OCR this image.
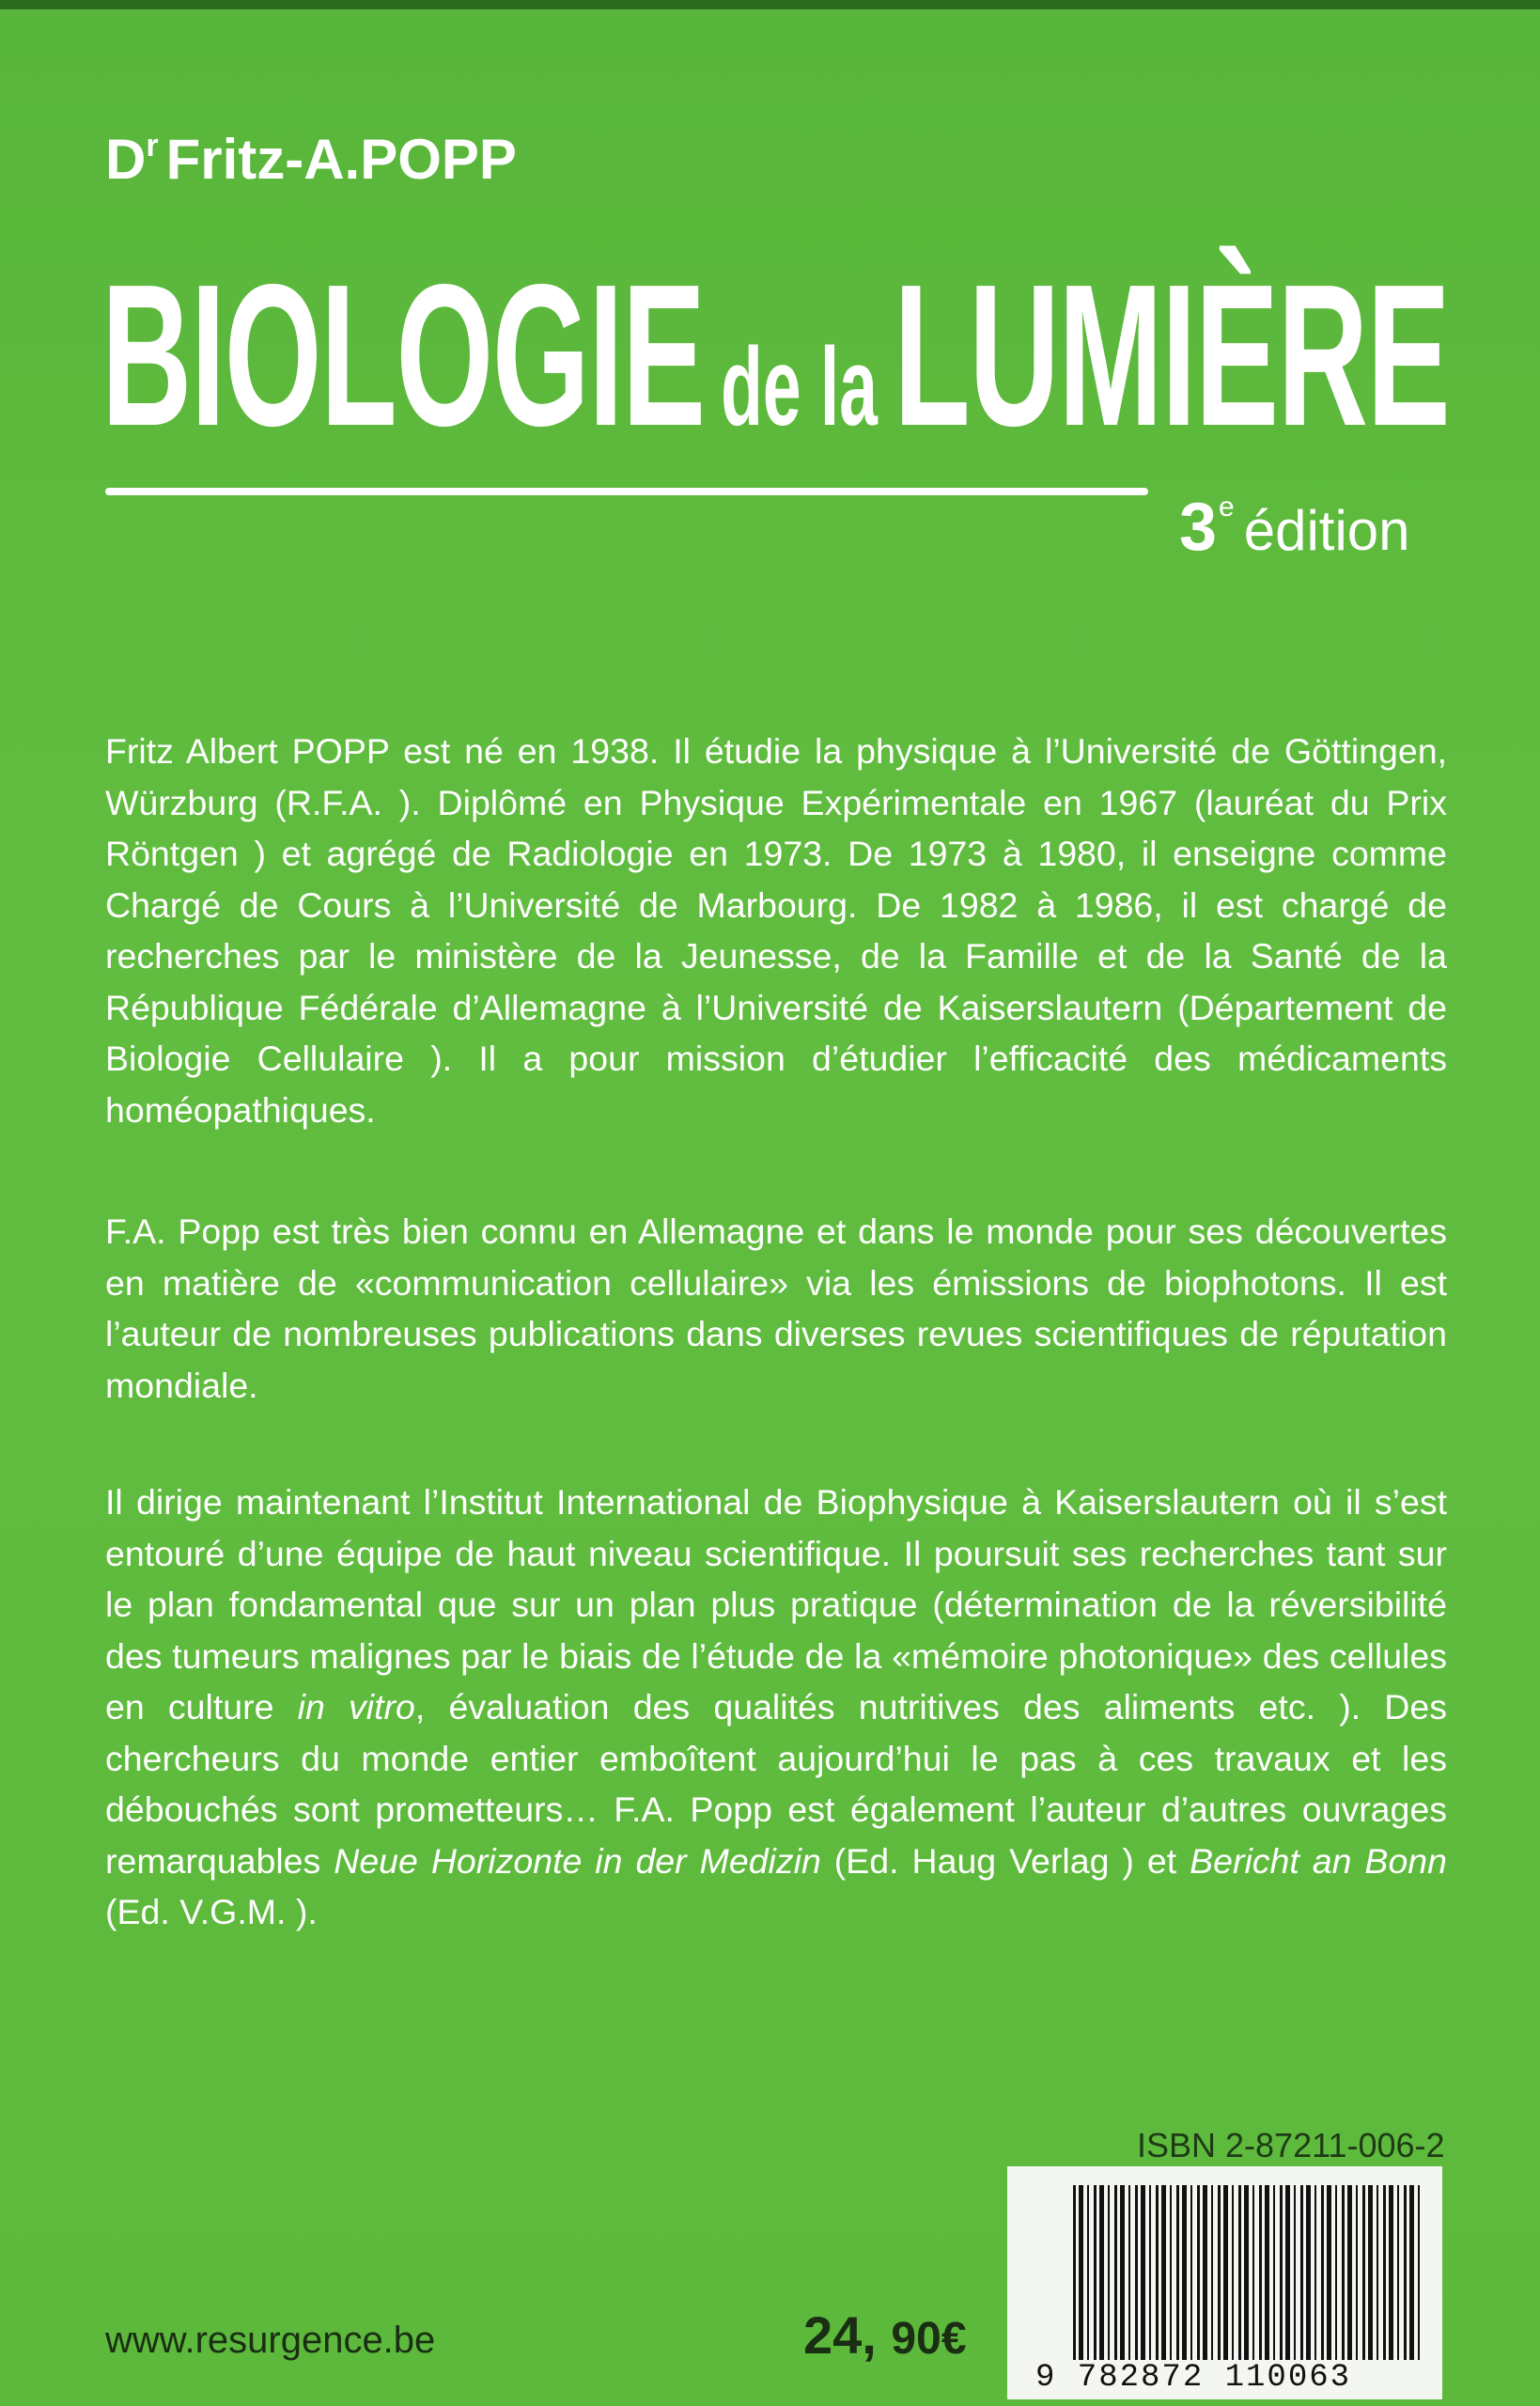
$D^r$ Fritz-A.POPP
BIOLOGIE de laLUMIÈRE
3e édition
Fritz Albert POPP est né en 1938. Il étudie la physique à l’Université de Göttingen, Würzburg (R.F.A. ). Diplômé en Physique Expérimentale en 1967 (lauréat du Prix Röntgen ) et agrégé de Radiologie en 1973. De 1973 à 1980, il enseigne comme Chargé de Cours à l’Université de Marbourg. De 1982 à 1986, il est chargé de recherches par le ministère de la Jeunesse, de la Famille et de la Santé de la République Fédérale d’Allemagne à l’Université de Kaiserslautern (Département de Biologie Cellulaire ). Il a pour mission d’étudier l’efficacité des médicaments homéopathiques.
F.A. Popp est très bien connu en Allemagne et dans le monde pour ses découvertes en matière de «communication cellulaire» via les émissions de biophotons. Il est l’auteur de nombreuses publications dans diverses revues scientifiques de réputation mondiale.
Il dirige maintenant l’Institut International de Biophysique à Kaiserslautern où il s’est entouré d’une équipe de haut niveau scientifique. Il poursuit ses recherches tant sur le plan fondamental que sur un plan plus pratique (détermination de la réversibilité des tumeurs malignes par le biais de l’étude de la «mémoire photonique» des cellules en culture in vitro, évaluation des qualités nutritives des aliments etc. ). Des chercheurs du monde entier emboîtent aujourd’hui le pas à ces travaux et les débouchés sont prometteurs… F.A. Popp est également l’auteur d’autres ouvrages remarquables Neue Horizonte in der Medizin (Ed. Haug Verlag ) et Bericht an Bonn (Ed. V.G.M. ).
ISBN 2-87211-006-2
9 782872 110063
www.resurgence.be	24, 90€
